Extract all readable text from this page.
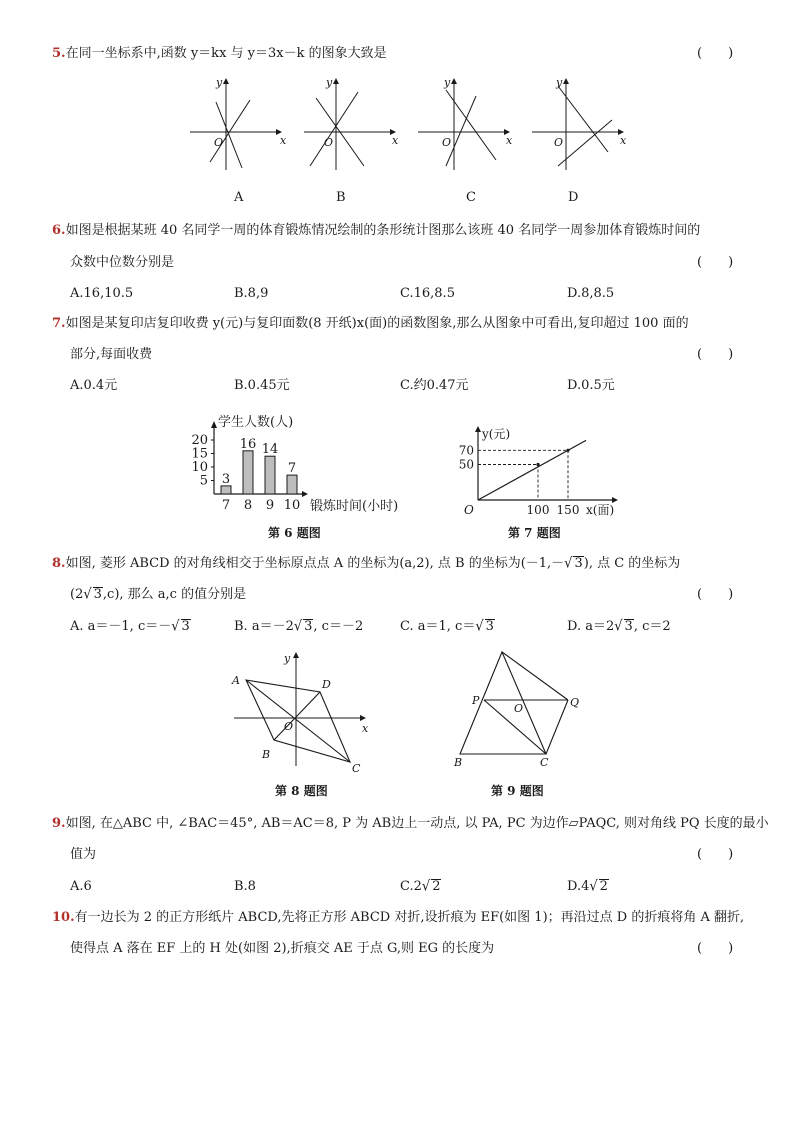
5.在同一坐标系中,函数 y＝kx 与 y＝3x－k 的图象大致是	(　　)
y
x
O
A
y
x
O
B
y
x
O
C
y
x
O
D
6.如图是根据某班 40 名同学一周的体育锻炼情况绘制的条形统计图那么该班 40 名同学一周参加体育锻炼时间的
众数中位数分别是	(　　)
A.16,10.5	B.8,9	C.16,8.5	D.8,8.5
7.如图是某复印店复印收费 y(元)与复印面数(8 开纸)x(面)的函数图象,那么从图象中可看出,复印超过 100 面的
部分,每面收费	(　　)
A.0.4元	B.0.45元	C.约0.47元	D.0.5元
学生人数(人)
锻炼时间(小时)
5
10
15
20
3
7
16
8
14
9
7
10
第 6 题图
y(元)
x(面)
O	100
50
150
70
第 7 题图
8.如图, 菱形 ABCD 的对角线相交于坐标原点点 A 的坐标为(a,2), 点 B 的坐标为(－1,－√ 3), 点 C 的坐标为
(2√ 3,c), 那么 a,c 的值分别是	(　　)
A. a＝－1, c＝－√ 3	B. a＝－2√ 3, c＝－2	C. a＝1, c＝√ 3	D. a＝2√ 3, c＝2
A	D
B
C
O	x
y
第 8 题图
P
O	Q
B	C
第 9 题图
9.如图, 在△ABC 中, ∠BAC＝45°, AB＝AC＝8, P 为 AB边上一动点, 以 PA, PC 为边作▱PAQC, 则对角线 PQ 长度的最小
值为	(　　)
A.6	B.8	C.2√ 2	D.4√ 2
10.有一边长为 2 的正方形纸片 ABCD,先将正方形 ABCD 对折,设折痕为 EF(如图 1)；再沿过点 D 的折痕将角 A 翻折,
使得点 A 落在 EF 上的 H 处(如图 2),折痕交 AE 于点 G,则 EG 的长度为	(　　)
